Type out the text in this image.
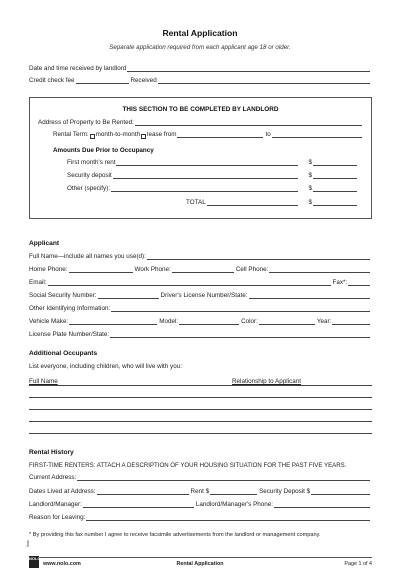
Rental Application
Separate application required from each applicant age 18 or older.
Date and time received by landlord
Credit check fee	Received
THIS SECTION TO BE COMPLETED BY LANDLORD
Address of Property to Be Rented:
Rental Term: month-to-month lease from	to
Amounts Due Prior to Occupancy
First month's rent	$
Security deposit	$
Other (specify):	$
TOTAL	$
Applicant
Full Name—include all names you use(d):
Home Phone:	Work Phone:	Cell Phone:
Email:	Fax*:
Social Security Number:	Driver's License Number/State:
Other Identifying Information:
Vehicle Make:	Model:	Color:	Year:
License Plate Number/State:
Additional Occupants
List everyone, including children, who will live with you:
Full Name	Relationship to Applicant
Rental History
FIRST-TIME RENTERS: ATTACH A DESCRIPTION OF YOUR HOUSING SITUATION FOR THE PAST FIVE YEARS.
Current Address:
Dates Lived at Address:	Rent $	Security Deposit $
Landlord/Manager:	Landlord/Manager's Phone:
Reason for Leaving:
* By providing this fax number I agree to receive facsimile advertisements from the landlord or management company.
Nolo
NOLO
www.nolo.com	Rental Application	Page 1 of 4
